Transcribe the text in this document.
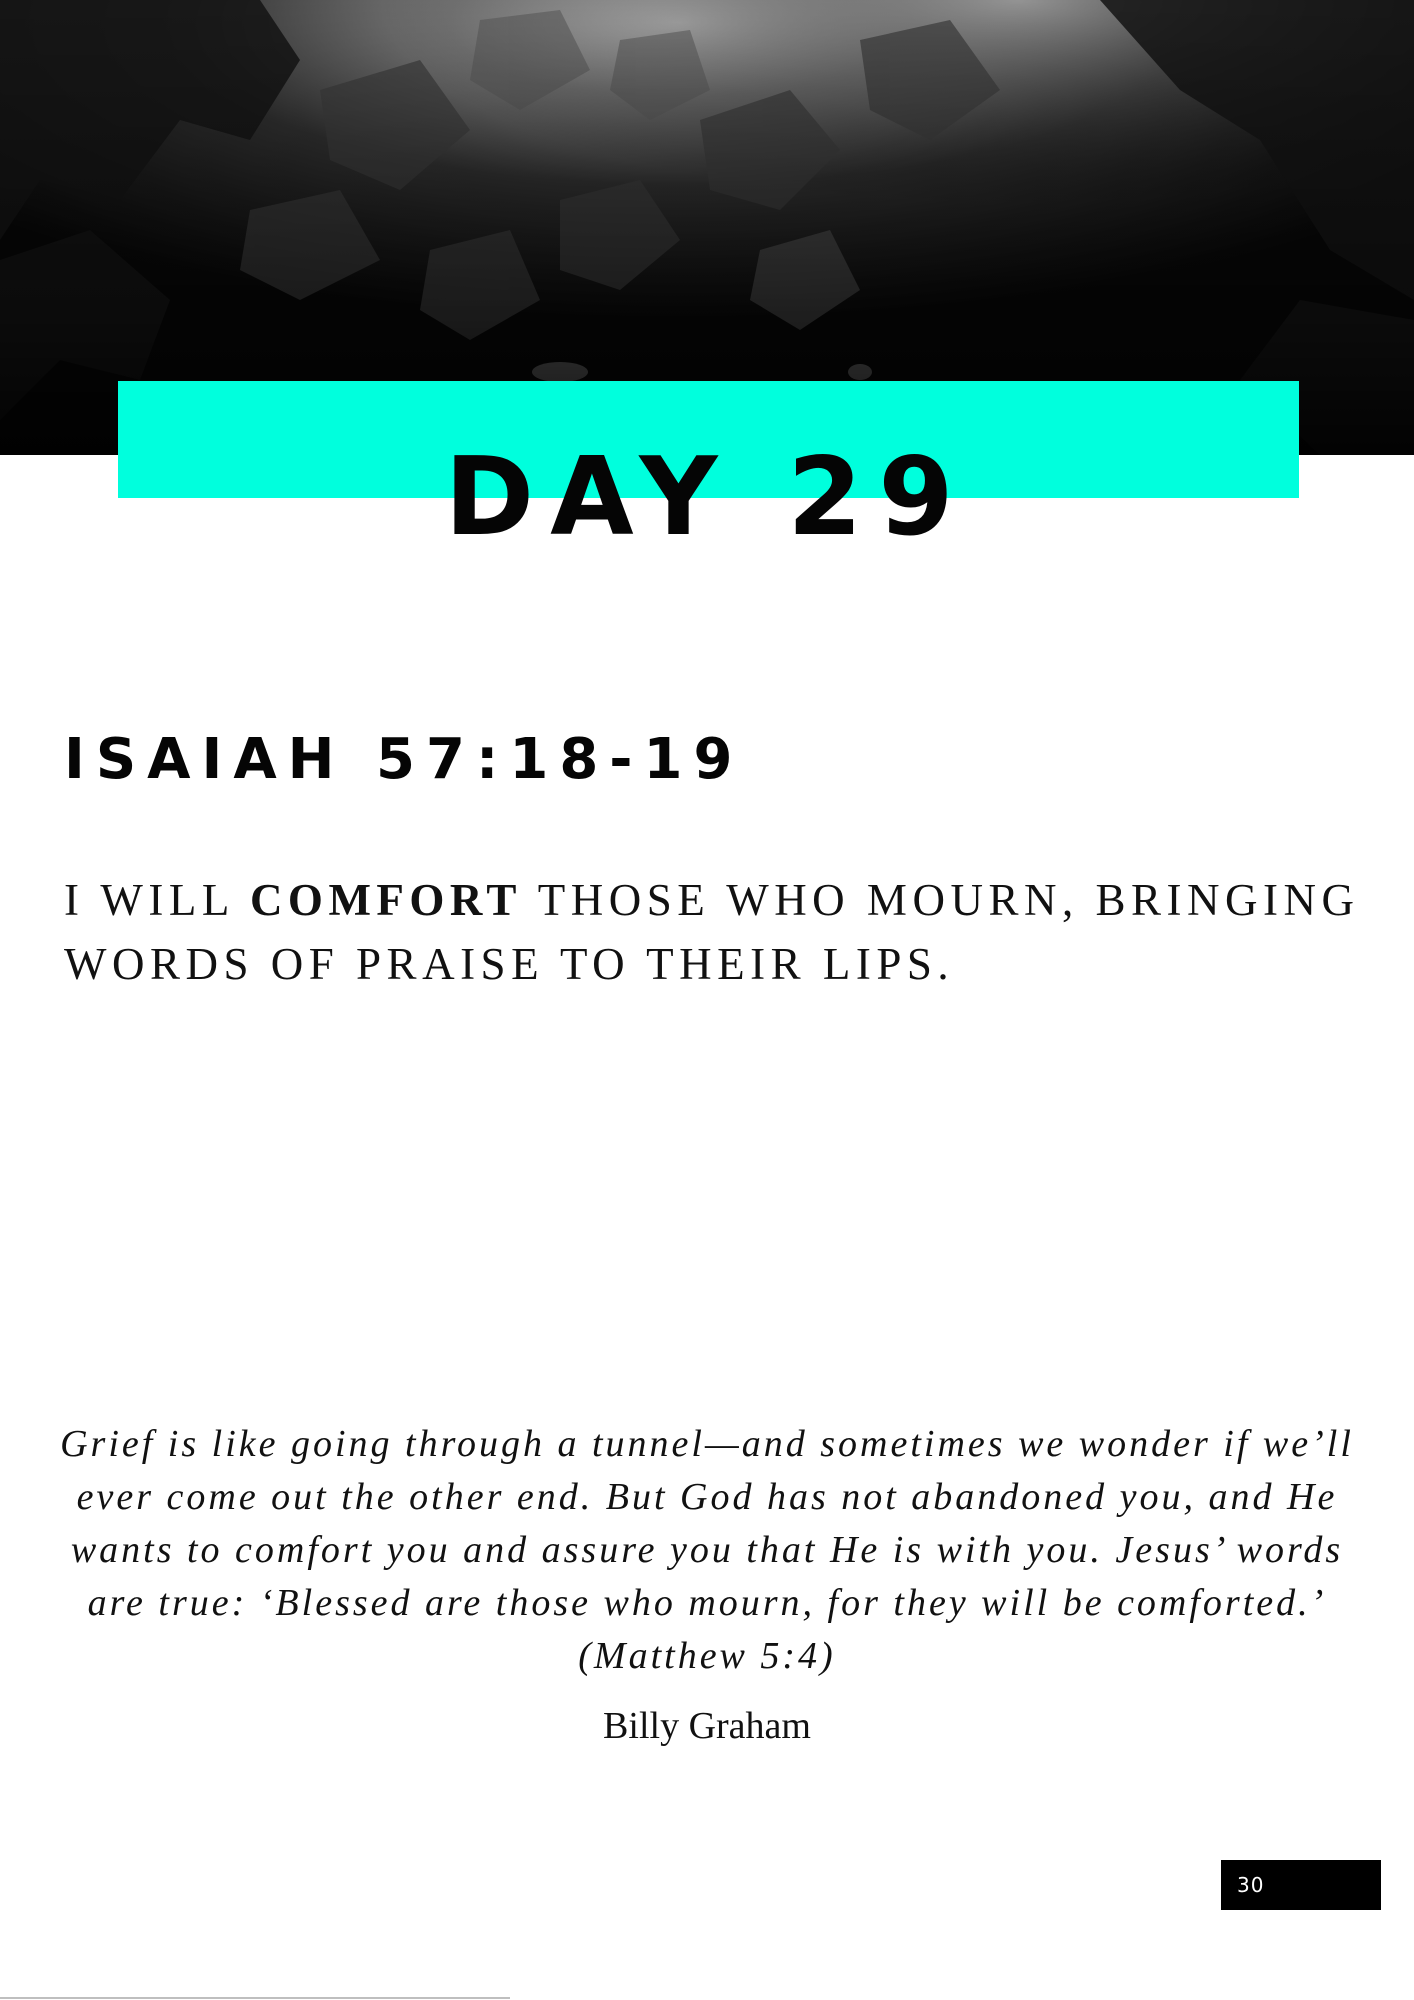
DAY 29
ISAIAH 57:18-19

I WILL COMFORT THOSE WHO MOURN, BRINGING WORDS OF PRAISE TO THEIR LIPS.

Grief is like going through a tunnel—and sometimes we wonder if we’ll ever come out the other end. But God has not abandoned you, and He wants to comfort you and assure you that He is with you. Jesus’ words are true: ‘Blessed are those who mourn, for they will be comforted.’ (Matthew 5:4)

Billy Graham

30
